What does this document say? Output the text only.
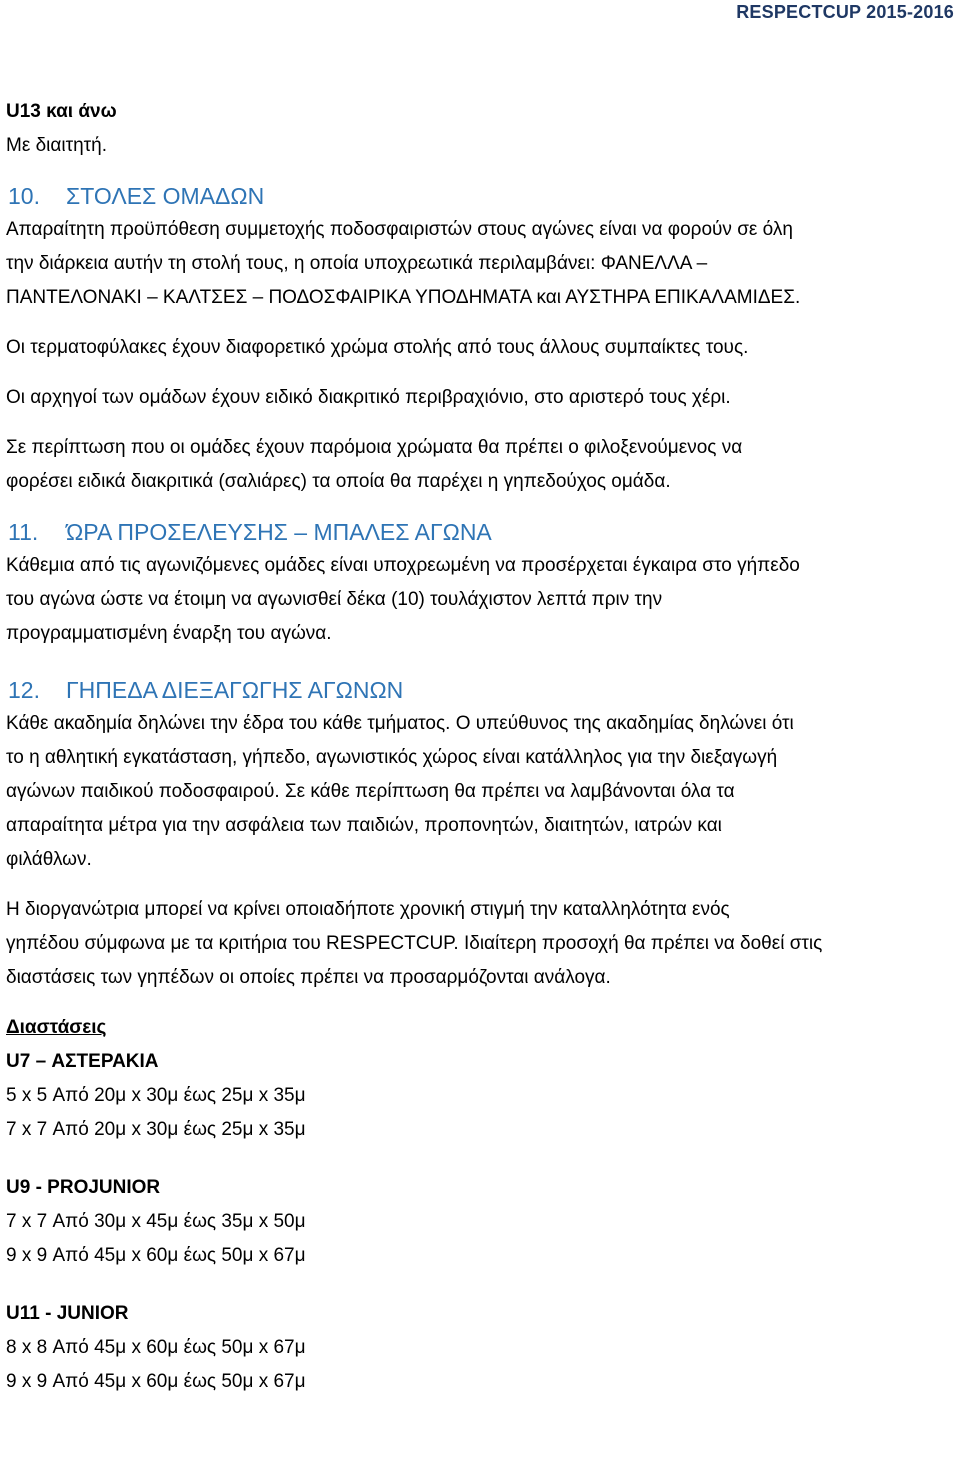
RESPECTCUP 2015-2016

U13 και άνω

Με διαιτητή.

10. ΣΤΟΛΕΣ ΟΜΑΔΩΝ

Απαραίτητη προϋπόθεση συμμετοχής ποδοσφαιριστών στους αγώνες είναι να φορούν σε όλη

την διάρκεια αυτήν τη στολή τους, η οποία υποχρεωτικά περιλαμβάνει: ΦΑΝΕΛΛΑ –

ΠΑΝΤΕΛΟΝΑΚΙ – ΚΑΛΤΣΕΣ – ΠΟΔΟΣΦΑΙΡΙΚΑ ΥΠΟΔΗΜΑΤΑ και ΑΥΣΤΗΡΑ ΕΠΙΚΑΛΑΜΙΔΕΣ.

Οι τερματοφύλακες έχουν διαφορετικό χρώμα στολής από τους άλλους συμπαίκτες τους.

Οι αρχηγοί των ομάδων έχουν ειδικό διακριτικό περιβραχιόνιο, στο αριστερό τους χέρι.

Σε περίπτωση που οι ομάδες έχουν παρόμοια χρώματα θα πρέπει ο φιλοξενούμενος να

φορέσει ειδικά διακριτικά (σαλιάρες) τα οποία θα παρέχει η γηπεδούχος ομάδα.

11. ΏΡΑ ΠΡΟΣΕΛΕΥΣΗΣ – ΜΠΑΛΕΣ ΑΓΩΝΑ

Κάθεμια από τις αγωνιζόμενες ομάδες είναι υποχρεωμένη να προσέρχεται έγκαιρα στο γήπεδο

του αγώνα ώστε να έτοιμη να αγωνισθεί δέκα (10) τουλάχιστον λεπτά πριν την

προγραμματισμένη έναρξη του αγώνα.

12. ΓΗΠΕΔΑ ΔΙΕΞΑΓΩΓΗΣ ΑΓΩΝΩΝ

Κάθε ακαδημία δηλώνει την έδρα του κάθε τμήματος. Ο υπεύθυνος της ακαδημίας δηλώνει ότι

το η αθλητική εγκατάσταση, γήπεδο, αγωνιστικός χώρος είναι κατάλληλος για την διεξαγωγή

αγώνων παιδικού ποδοσφαιρού. Σε κάθε περίπτωση θα πρέπει να λαμβάνονται όλα τα

απαραίτητα μέτρα για την ασφάλεια των παιδιών, προπονητών, διαιτητών, ιατρών και

φιλάθλων.

Η διοργανώτρια μπορεί να κρίνει οποιαδήποτε χρονική στιγμή την καταλληλότητα ενός

γηπέδου σύμφωνα με τα κριτήρια του RESPECTCUP. Ιδιαίτερη προσοχή θα πρέπει να δοθεί στις

διαστάσεις των γηπέδων οι οποίες πρέπει να προσαρμόζονται ανάλογα.

Διαστάσεις

U7 – ΑΣΤΕΡΑΚΙΑ

5 x 5 Από 20μ x 30μ έως 25μ x 35μ

7 x 7 Από 20μ x 30μ έως 25μ x 35μ

U9 - PROJUNIOR

7 x 7 Από 30μ x 45μ έως 35μ x 50μ

9 x 9 Από 45μ x 60μ έως 50μ x 67μ

U11 - JUNIOR

8 x 8 Από 45μ x 60μ έως 50μ x 67μ

9 x 9 Από 45μ x 60μ έως 50μ x 67μ
